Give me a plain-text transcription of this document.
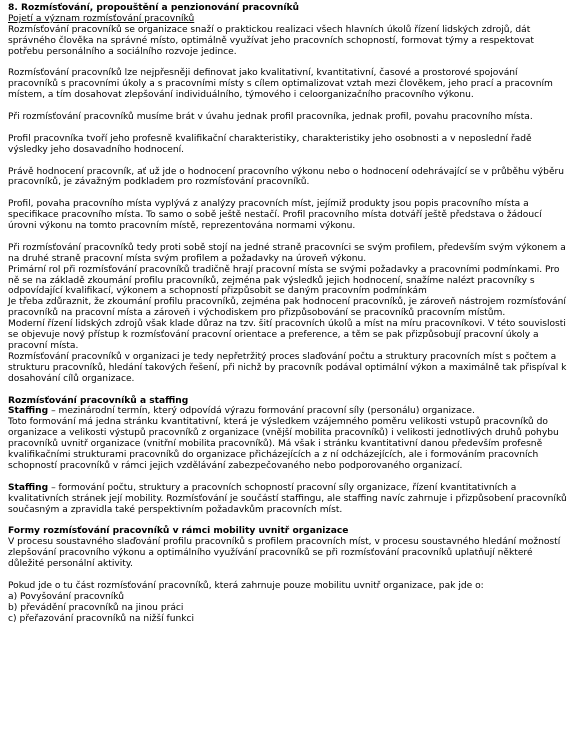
8. Rozmísťování, propouštění a penzionování pracovníků

Pojetí a význam rozmísťování pracovníků

Rozmísťování pracovníků se organizace snaží o praktickou realizaci všech hlavních úkolů řízení lidských zdrojů, dát správného člověka na správné místo, optimálně využívat jeho pracovních schopností, formovat týmy a respektovat potřebu personálního a sociálního rozvoje jedince.

Rozmísťování pracovníků lze nejpřesněji definovat jako kvalitativní, kvantitativní, časové a prostorové spojování pracovníků s pracovními úkoly a s pracovními místy s cílem optimalizovat vztah mezi člověkem, jeho prací a pracovním místem, a tím dosahovat zlepšování individuálního, týmového i celoorganizačního pracovního výkonu.

Při rozmísťování pracovníků musíme brát v úvahu jednak profil pracovníka, jednak profil, povahu pracovního místa.

Profil pracovníka tvoří jeho profesně kvalifikační charakteristiky, charakteristiky jeho osobnosti a v neposlední řadě výsledky jeho dosavadního hodnocení.

Právě hodnocení pracovník, ať už jde o hodnocení pracovního výkonu nebo o hodnocení odehrávající se v průběhu výběru pracovníků, je závažným podkladem pro rozmísťování pracovníků.

Profil, povaha pracovního místa vyplývá z analýzy pracovních míst, jejímiž produkty jsou popis pracovního místa a specifikace pracovního místa. To samo o sobě ještě nestačí. Profil pracovního místa dotváří ještě představa o žádoucí úrovni výkonu na tomto pracovním místě, reprezentována normami výkonu.

Při rozmísťování pracovníků tedy proti sobě stojí na jedné straně pracovníci se svým profilem, především svým výkonem a na druhé straně pracovní místa svým profilem a požadavky na úroveň výkonu.

Primární rol při rozmísťování pracovníků tradičně hrají pracovní místa se svými požadavky a pracovními podmínkami. Pro ně se na základě zkoumání profilu pracovníků, zejména pak výsledků jejich hodnocení, snažíme nalézt pracovníky s odpovídající kvalifikací, výkonem a schopností přizpůsobit se daným pracovním podmínkám

Je třeba zdůraznit, že zkoumání profilu pracovníků, zejména pak hodnocení pracovníků, je zároveň nástrojem rozmísťování pracovníků na pracovní místa a zároveň i východiskem pro přizpůsobování se pracovníků pracovním místům.

Moderní řízení lidských zdrojů však klade důraz na tzv. šití pracovních úkolů a míst na míru pracovníkovi. V této souvislosti se objevuje nový přístup k rozmísťování pracovní orientace a preference, a těm se pak přizpůsobují pracovní úkoly a pracovní místa.

Rozmísťování pracovníků v organizaci je tedy nepřetržitý proces slaďování počtu a struktury pracovních míst s počtem a strukturu pracovníků, hledání takových řešení, při nichž by pracovník podával optimální výkon a maximálně tak přispíval k dosahování cílů organizace.

Rozmísťování pracovníků a staffing

Staffing – mezinárodní termín, který odpovídá výrazu formování pracovní síly (personálu) organizace.

Toto formování má jedna stránku kvantitativní, která je výsledkem vzájemného poměru velikosti vstupů pracovníků do organizace a velikosti výstupů pracovníků z organizace (vnější mobilita pracovníků) i velikosti jednotlivých druhů pohybu pracovníků uvnitř organizace (vnitřní mobilita pracovníků). Má však i stránku kvantitativní danou především profesně kvalifikačními strukturami pracovníků do organizace přicházejících a z ní odcházejících, ale i formováním pracovních schopností pracovníků v rámci jejich vzdělávání zabezpečovaného nebo podporovaného organizací.

Staffing – formování počtu, struktury a pracovních schopností pracovní síly organizace, řízení kvantitativních a kvalitativních stránek její mobility. Rozmísťování je součástí staffingu, ale staffing navíc zahrnuje i přizpůsobení pracovníků současným a zpravidla také perspektivním požadavkům pracovních míst.

Formy rozmísťování pracovníků v rámci mobility uvnitř organizace

V procesu soustavného slaďování profilu pracovníků s profilem pracovních míst, v procesu soustavného hledání možností zlepšování pracovního výkonu a optimálního využívání pracovníků se při rozmísťování pracovníků uplatňují některé důležité personální aktivity.

Pokud jde o tu část rozmísťování pracovníků, která zahrnuje pouze mobilitu uvnitř organizace, pak jde o:

a) Povyšování pracovníků

b) převádění pracovníků na jinou práci

c) přeřazování pracovníků na nižší funkci
